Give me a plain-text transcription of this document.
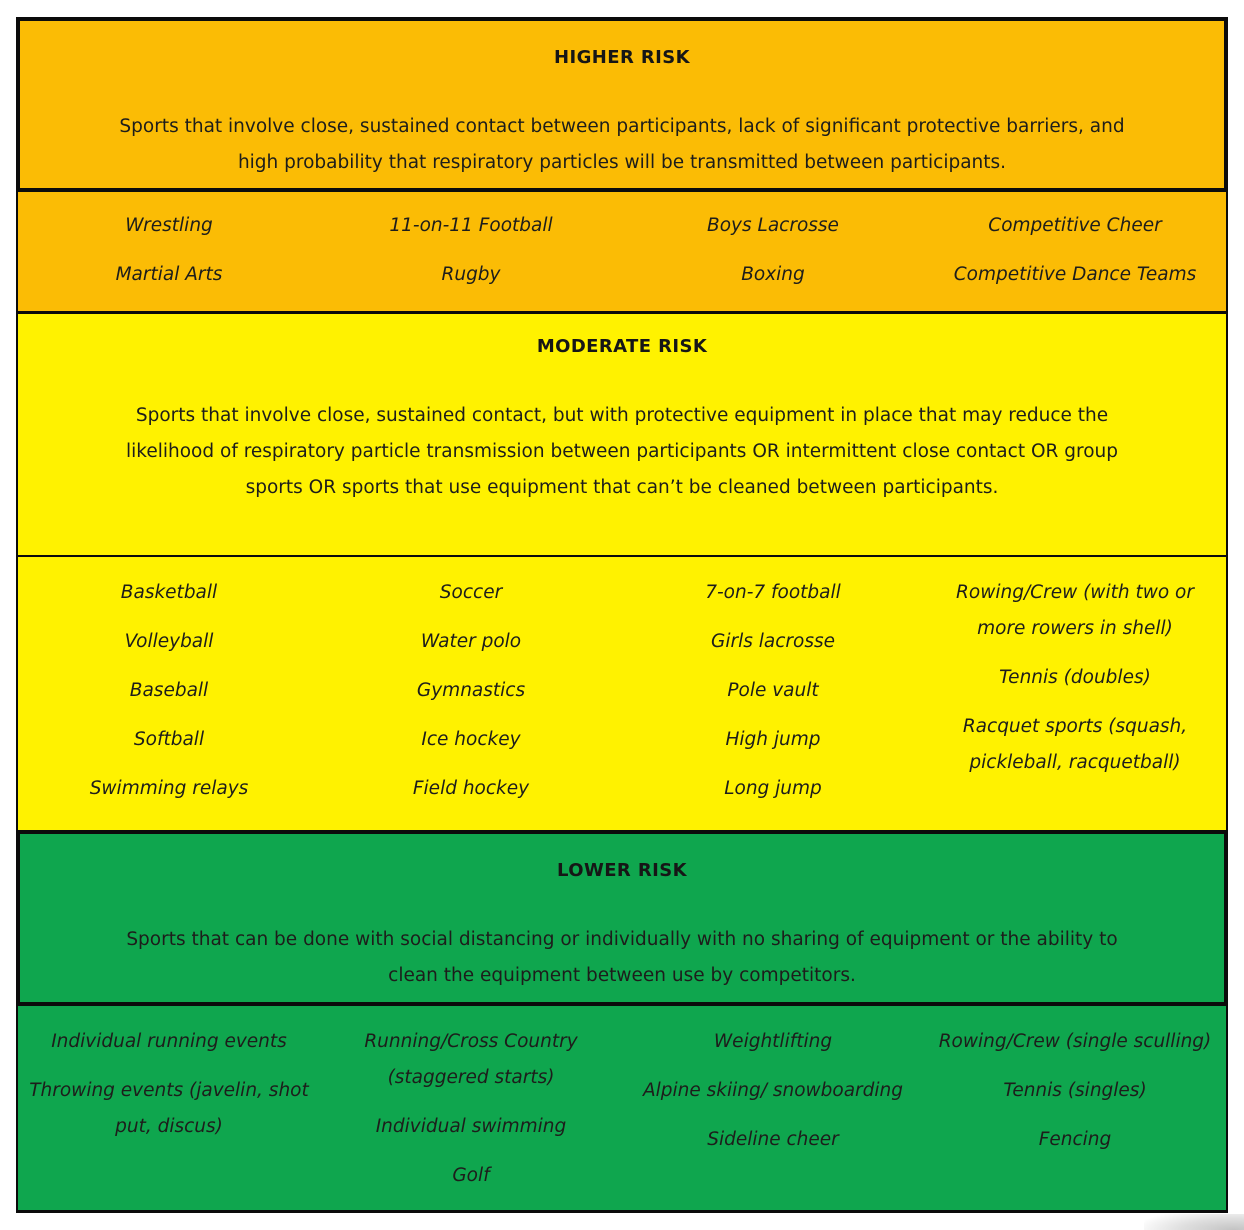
HIGHER RISK
Sports that involve close, sustained contact between participants, lack of significant protective barriers, and
high probability that respiratory particles will be transmitted between participants.
Wrestling
Martial Arts
11-on-11 Football
Rugby
Boys Lacrosse
Boxing
Competitive Cheer
Competitive Dance Teams
MODERATE RISK
Sports that involve close, sustained contact, but with protective equipment in place that may reduce the
likelihood of respiratory particle transmission between participants OR intermittent close contact OR group
sports OR sports that use equipment that can’t be cleaned between participants.
Basketball
Volleyball
Baseball
Softball
Swimming relays
Soccer
Water polo
Gymnastics
Ice hockey
Field hockey
7-on-7 football
Girls lacrosse
Pole vault
High jump
Long jump
Rowing/Crew (with two or more rowers in shell)
Tennis (doubles)
Racquet sports (squash, pickleball, racquetball)
LOWER RISK
Sports that can be done with social distancing or individually with no sharing of equipment or the ability to
clean the equipment between use by competitors.
Individual running events
Throwing events (javelin, shot put, discus)
Running/Cross Country (staggered starts)
Individual swimming
Golf
Weightlifting
Alpine skiing/ snowboarding
Sideline cheer
Rowing/Crew (single sculling)
Tennis (singles)
Fencing
